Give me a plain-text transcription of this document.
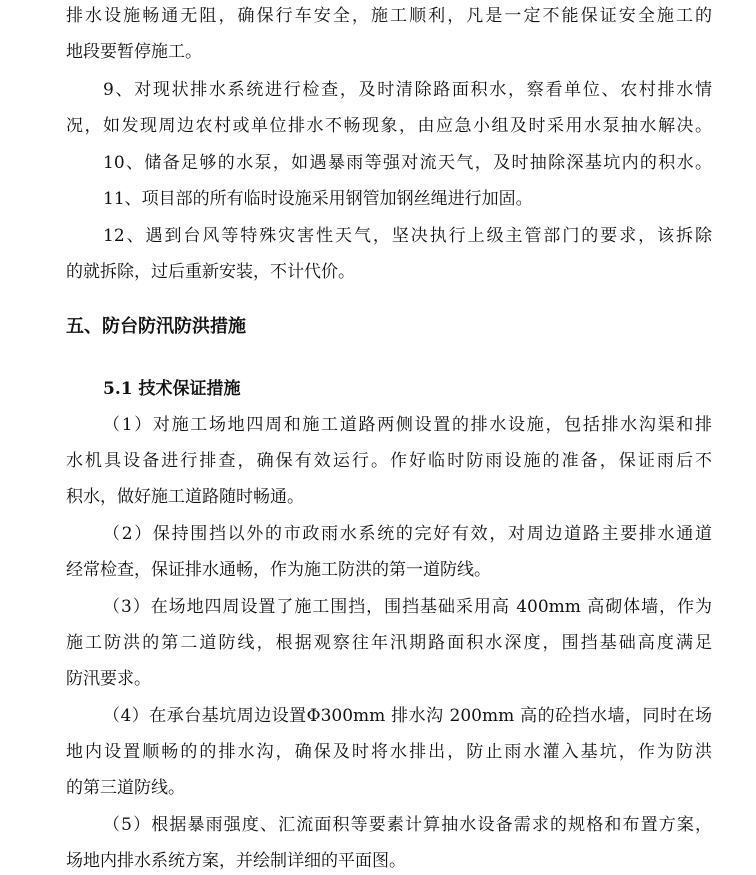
排水设施畅通无阻，确保行车安全，施工顺利，凡是一定不能保证安全施工的
地段要暂停施工。
9、对现状排水系统进行检查，及时清除路面积水，察看单位、农村排水情
况，如发现周边农村或单位排水不畅现象，由应急小组及时采用水泵抽水解决。
10、储备足够的水泵，如遇暴雨等强对流天气，及时抽除深基坑内的积水。
11、项目部的所有临时设施采用钢管加钢丝绳进行加固。
12、遇到台风等特殊灾害性天气，坚决执行上级主管部门的要求，该拆除
的就拆除，过后重新安装，不计代价。
五、防台防汛防洪措施
5.1 技术保证措施
（1）对施工场地四周和施工道路两侧设置的排水设施，包括排水沟渠和排
水机具设备进行排查，确保有效运行。作好临时防雨设施的准备，保证雨后不
积水，做好施工道路随时畅通。
（2）保持围挡以外的市政雨水系统的完好有效，对周边道路主要排水通道
经常检查，保证排水通畅，作为施工防洪的第一道防线。
（3）在场地四周设置了施工围挡，围挡基础采用高 400mm 高砌体墙，作为
施工防洪的第二道防线，根据观察往年汛期路面积水深度，围挡基础高度满足
防汛要求。
（4）在承台基坑周边设置Φ300mm 排水沟 200mm 高的砼挡水墙，同时在场
地内设置顺畅的的排水沟，确保及时将水排出，防止雨水灌入基坑，作为防洪
的第三道防线。
（5）根据暴雨强度、汇流面积等要素计算抽水设备需求的规格和布置方案，
场地内排水系统方案，并绘制详细的平面图。
